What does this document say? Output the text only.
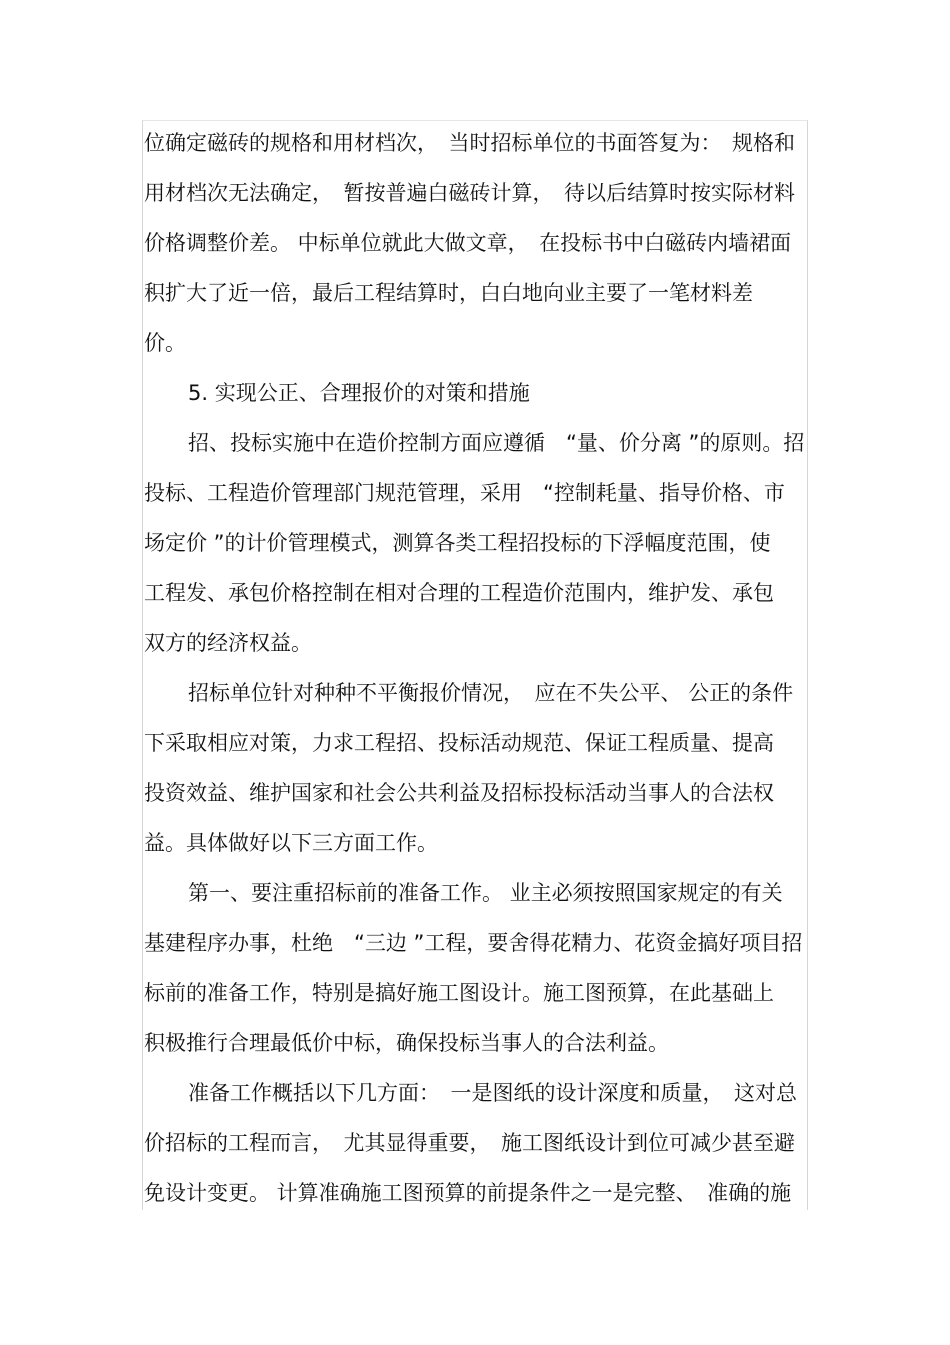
位确定磁砖的规格和用材档次，　当时招标单位的书面答复为：　规格和
用材档次无法确定，　暂按普遍白磁砖计算，　待以后结算时按实际材料
价格调整价差。 中标单位就此大做文章，　在投标书中白磁砖内墙裙面
积扩大了近一倍，最后工程结算时，白白地向业主要了一笔材料差
价。
5. 实现公正、合理报价的对策和措施
招、投标实施中在造价控制方面应遵循　“量、价分离 ”的原则。招
投标、工程造价管理部门规范管理，采用　“控制耗量、指导价格、市
场定价 ”的计价管理模式，测算各类工程招投标的下浮幅度范围，使
工程发、承包价格控制在相对合理的工程造价范围内，维护发、承包
双方的经济权益。
招标单位针对种种不平衡报价情况，　应在不失公平、 公正的条件
下采取相应对策，力求工程招、投标活动规范、保证工程质量、提高
投资效益、维护国家和社会公共利益及招标投标活动当事人的合法权
益。具体做好以下三方面工作。
第一、要注重招标前的准备工作。 业主必须按照国家规定的有关
基建程序办事，杜绝　“三边 ”工程，要舍得花精力、花资金搞好项目招
标前的准备工作，特别是搞好施工图设计。施工图预算，在此基础上
积极推行合理最低价中标，确保投标当事人的合法利益。
准备工作概括以下几方面：　一是图纸的设计深度和质量，　这对总
价招标的工程而言，　尤其显得重要，　施工图纸设计到位可减少甚至避
免设计变更。 计算准确施工图预算的前提条件之一是完整、　准确的施
